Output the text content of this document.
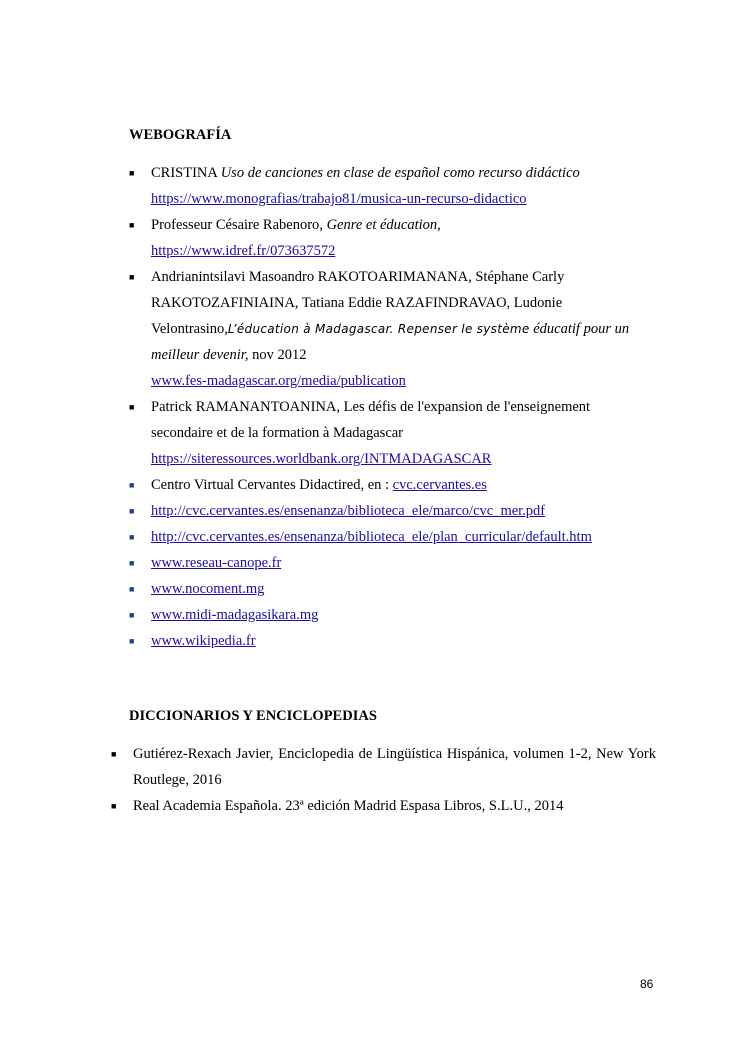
WEBOGRAFÍA
■ CRISTINA Uso de canciones en clase de español como recurso didáctico
https://www.monografias/trabajo81/musica-un-recurso-didactico
■ Professeur Césaire Rabenoro, Genre et éducation,
https://www.idref.fr/073637572
■ Andrianintsilavi Masoandro RAKOTOARIMANANA, Stéphane Carly
RAKOTOZAFINIAINA, Tatiana Eddie RAZAFINDRAVAO, Ludonie
Velontrasino,L’éducation à Madagascar. Repenser le système éducatif pour un
meilleur devenir, nov 2012
www.fes-madagascar.org/media/publication
■ Patrick RAMANANTOANINA, Les défis de l'expansion de l'enseignement
secondaire et de la formation à Madagascar
https://siteressources.worldbank.org/INTMADAGASCAR
■ Centro Virtual Cervantes Didactired, en : cvc.cervantes.es
■ http://cvc.cervantes.es/ensenanza/biblioteca_ele/marco/cvc_mer.pdf
■ http://cvc.cervantes.es/ensenanza/biblioteca_ele/plan_curricular/default.htm
■ www.reseau-canope.fr
■ www.nocoment.mg
■ www.midi-madagasikara.mg
■ www.wikipedia.fr
DICCIONARIOS Y ENCICLOPEDIAS
■ Gutiérez-Rexach Javier, Enciclopedia de Lingüística Hispánica, volumen 1-2, New York Routlege, 2016
■ Real Academia Española. 23ª edición Madrid Espasa Libros, S.L.U., 2014
86
